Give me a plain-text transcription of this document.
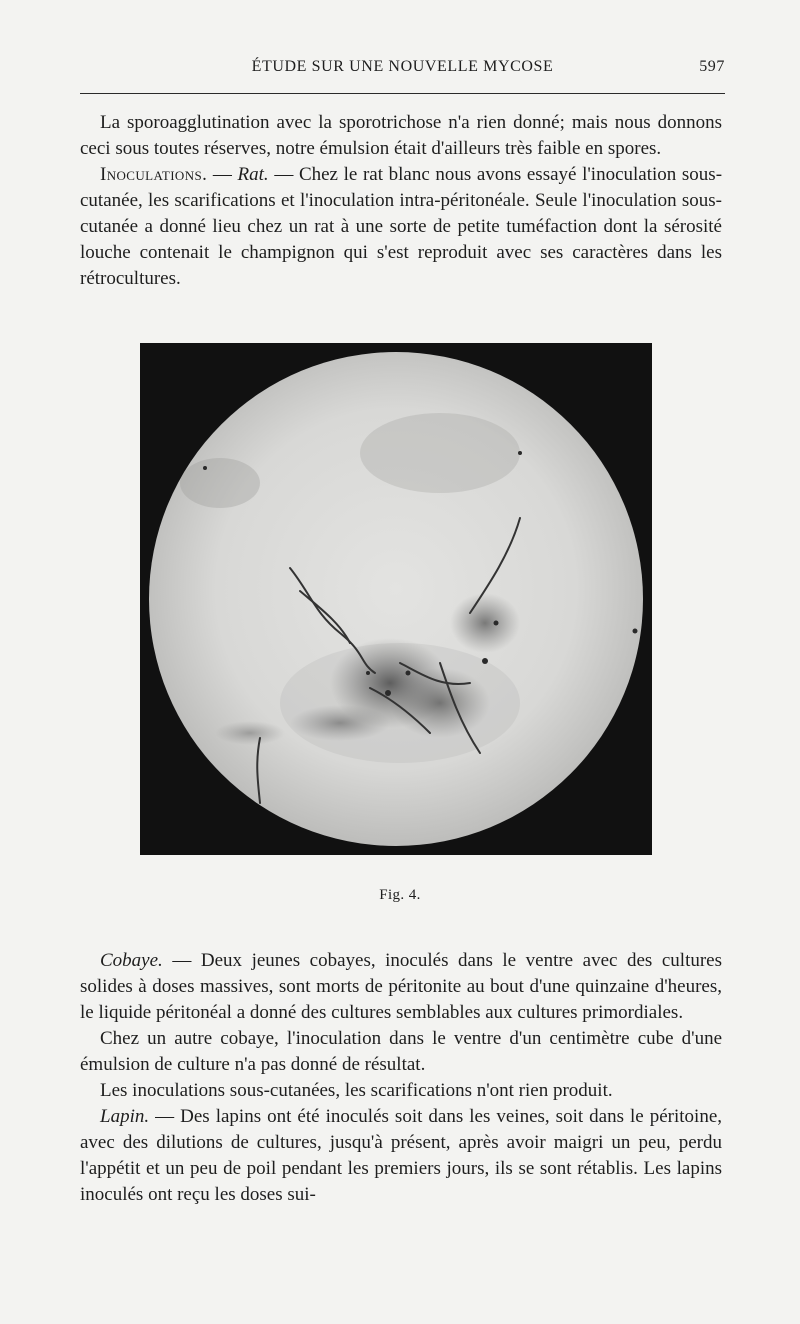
ÉTUDE SUR UNE NOUVELLE MYCOSE	597

La sporoagglutination avec la sporotrichose n'a rien donné; mais nous donnons ceci sous toutes réserves, notre émulsion était d'ailleurs très faible en spores.

Inoculations. — Rat. — Chez le rat blanc nous avons essayé l'inoculation sous-cutanée, les scarifications et l'inoculation intra-péritonéale. Seule l'inoculation sous-cutanée a donné lieu chez un rat à une sorte de petite tuméfaction dont la sérosité louche contenait le champignon qui s'est reproduit avec ses caractères dans les rétrocultures.

Fig. 4.

Cobaye. — Deux jeunes cobayes, inoculés dans le ventre avec des cultures solides à doses massives, sont morts de péritonite au bout d'une quinzaine d'heures, le liquide péritonéal a donné des cultures semblables aux cultures primordiales.

Chez un autre cobaye, l'inoculation dans le ventre d'un centimètre cube d'une émulsion de culture n'a pas donné de résultat.

Les inoculations sous-cutanées, les scarifications n'ont rien produit.

Lapin. — Des lapins ont été inoculés soit dans les veines, soit dans le péritoine, avec des dilutions de cultures, jusqu'à présent, après avoir maigri un peu, perdu l'appétit et un peu de poil pendant les premiers jours, ils se sont rétablis. Les lapins inoculés ont reçu les doses sui-
